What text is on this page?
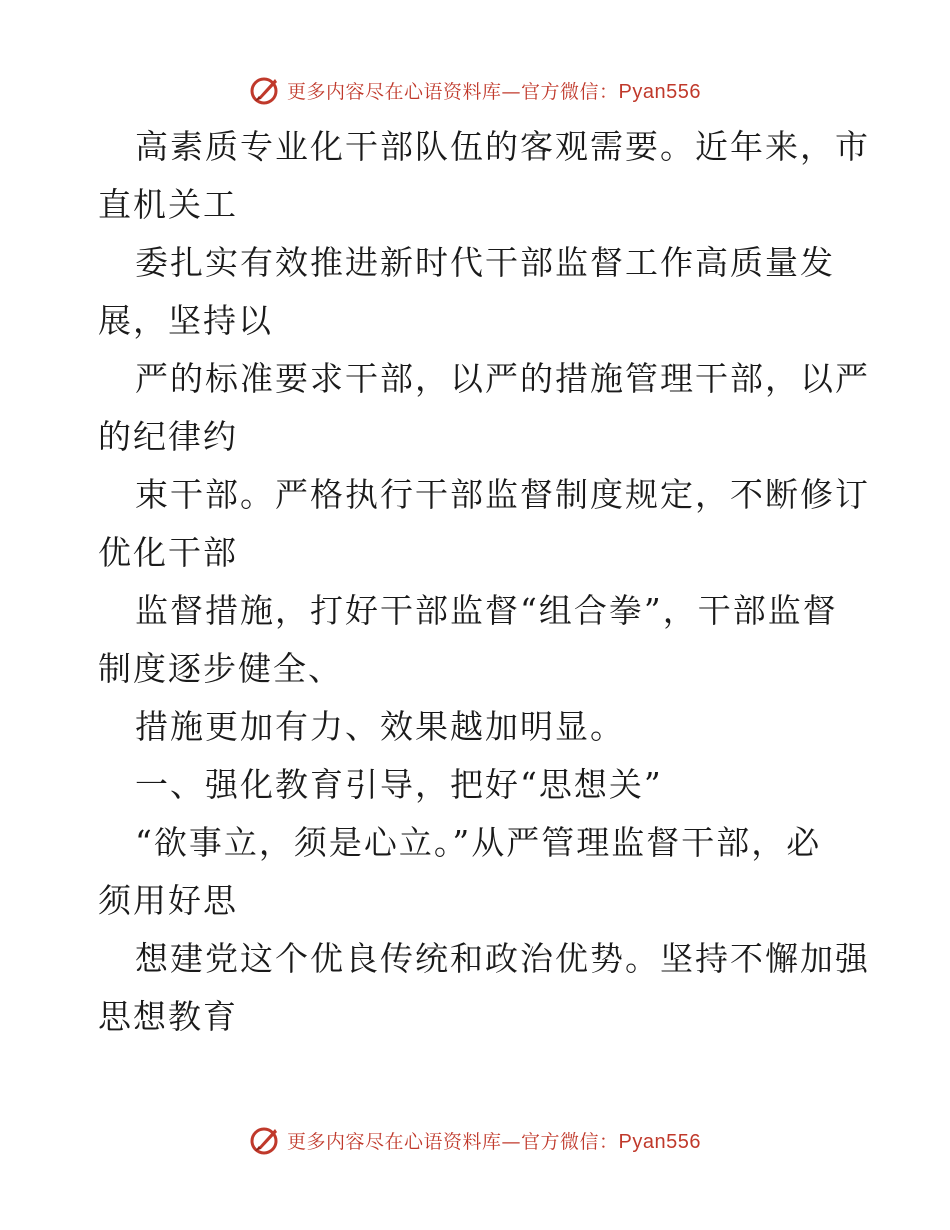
更多内容尽在心语资料库—官方微信：Pyan556
高素质专业化干部队伍的客观需要。近年来，市
直机关工
委扎实有效推进新时代干部监督工作高质量发
展，坚持以
严的标准要求干部，以严的措施管理干部，以严
的纪律约
束干部。严格执行干部监督制度规定，不断修订
优化干部
监督措施，打好干部监督“组合拳”，干部监督
制度逐步健全、
措施更加有力、效果越加明显。
一、强化教育引导，把好“思想关”
“欲事立，须是心立。”从严管理监督干部，必
须用好思
想建党这个优良传统和政治优势。坚持不懈加强
思想教育
更多内容尽在心语资料库—官方微信：Pyan556
